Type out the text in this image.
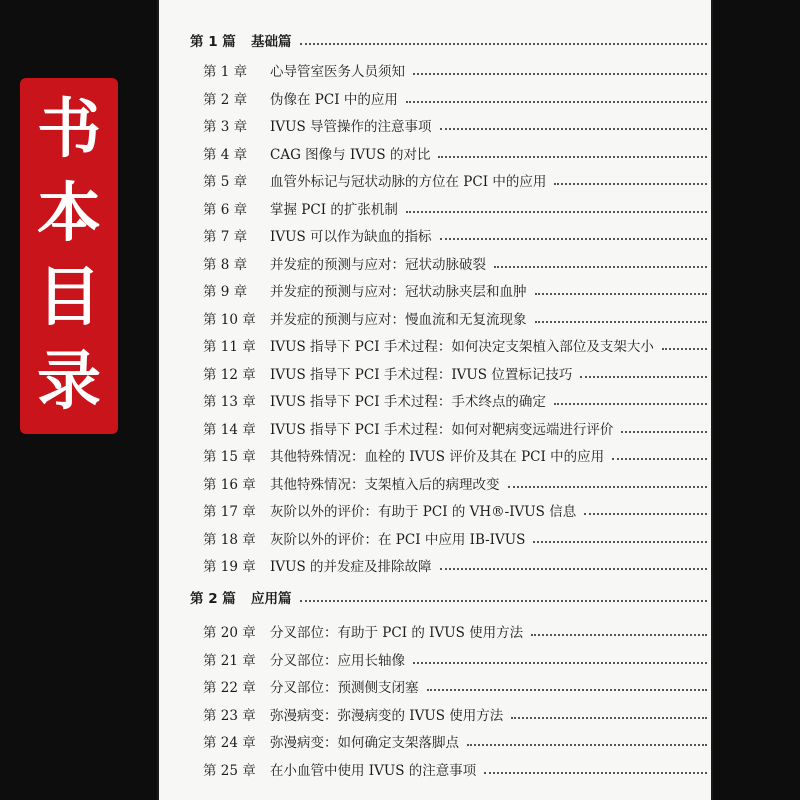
书
本
目
录
第 1 篇	基础篇
第 1 章	心导管室医务人员须知
第 2 章	伪像在 PCI 中的应用
第 3 章	IVUS 导管操作的注意事项
第 4 章	CAG 图像与 IVUS 的对比
第 5 章	血管外标记与冠状动脉的方位在 PCI 中的应用
第 6 章	掌握 PCI 的扩张机制
第 7 章	IVUS 可以作为缺血的指标
第 8 章	并发症的预测与应对：冠状动脉破裂
第 9 章	并发症的预测与应对：冠状动脉夹层和血肿
第 10 章	并发症的预测与应对：慢血流和无复流现象
第 11 章	IVUS 指导下 PCI 手术过程：如何决定支架植入部位及支架大小
第 12 章	IVUS 指导下 PCI 手术过程：IVUS 位置标记技巧
第 13 章	IVUS 指导下 PCI 手术过程：手术终点的确定
第 14 章	IVUS 指导下 PCI 手术过程：如何对靶病变远端进行评价
第 15 章	其他特殊情况：血栓的 IVUS 评价及其在 PCI 中的应用
第 16 章	其他特殊情况：支架植入后的病理改变
第 17 章	灰阶以外的评价：有助于 PCI 的 VH®-IVUS 信息
第 18 章	灰阶以外的评价：在 PCI 中应用 IB-IVUS
第 19 章	IVUS 的并发症及排除故障
第 2 篇	应用篇
第 20 章	分叉部位：有助于 PCI 的 IVUS 使用方法
第 21 章	分叉部位：应用长轴像
第 22 章	分叉部位：预测侧支闭塞
第 23 章	弥漫病变：弥漫病变的 IVUS 使用方法
第 24 章	弥漫病变：如何确定支架落脚点
第 25 章	在小血管中使用 IVUS 的注意事项
